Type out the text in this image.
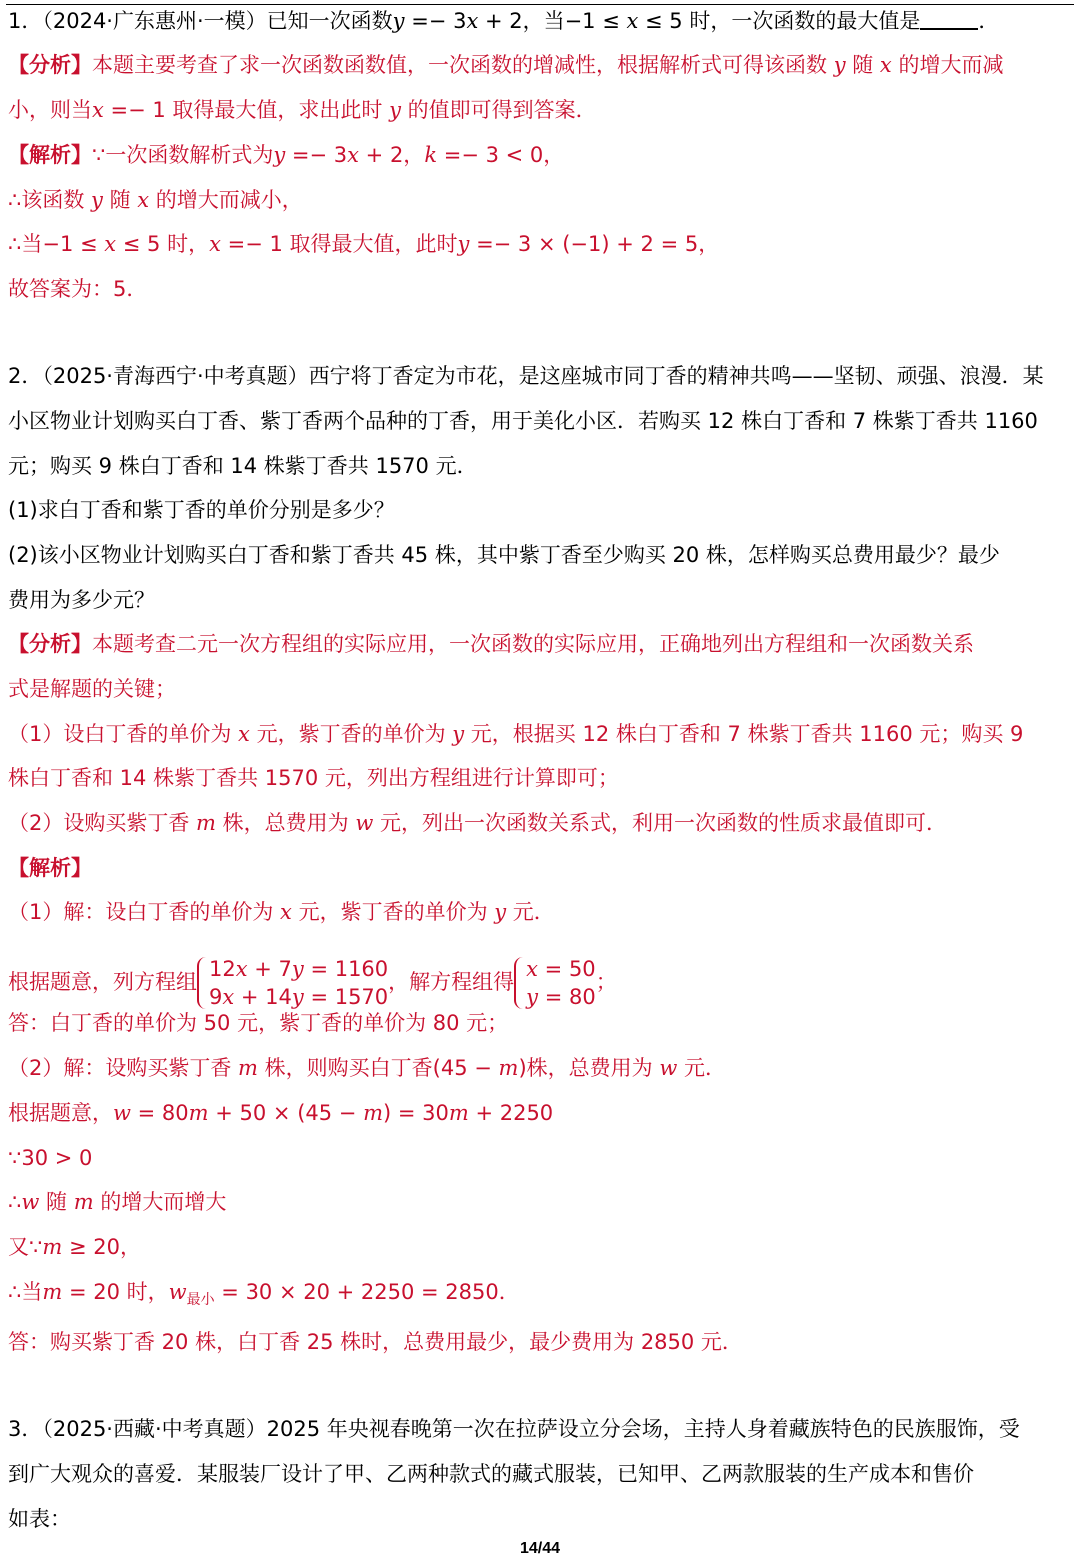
1．（2024·广东惠州·一模）已知一次函数y =− 3x + 2，当−1 ≤ x ≤ 5 时，一次函数的最大值是	．
【分析】本题主要考查了求一次函数函数值，一次函数的增减性，根据解析式可得该函数 y 随 x 的增大而减
小，则当x =− 1 取得最大值，求出此时 y 的值即可得到答案．
【解析】∵一次函数解析式为y =− 3x + 2，k =− 3 < 0，
∴该函数 y 随 x 的增大而减小，
∴当−1 ≤ x ≤ 5 时，x =− 1 取得最大值，此时y =− 3 × (−1) + 2 = 5，
故答案为：5．
2．（2025·青海西宁·中考真题）西宁将丁香定为市花，是这座城市同丁香的精神共鸣——坚韧、顽强、浪漫．某
小区物业计划购买白丁香、紫丁香两个品种的丁香，用于美化小区．若购买 12 株白丁香和 7 株紫丁香共 1160
元；购买 9 株白丁香和 14 株紫丁香共 1570 元．
(1)求白丁香和紫丁香的单价分别是多少？
(2)该小区物业计划购买白丁香和紫丁香共 45 株，其中紫丁香至少购买 20 株，怎样购买总费用最少？最少
费用为多少元？
【分析】本题考查二元一次方程组的实际应用，一次函数的实际应用，正确地列出方程组和一次函数关系
式是解题的关键；
（1）设白丁香的单价为 x 元，紫丁香的单价为 y 元，根据买 12 株白丁香和 7 株紫丁香共 1160 元；购买 9
株白丁香和 14 株紫丁香共 1570 元，列出方程组进行计算即可；
（2）设购买紫丁香 m 株，总费用为 w 元，列出一次函数关系式，利用一次函数的性质求最值即可．
【解析】
（1）解：设白丁香的单价为 x 元，紫丁香的单价为 y 元．
根据题意，列方程组
12x + 7y = 1160
9x + 14y = 1570
，解方程组得
x = 50
y = 80
；
答：白丁香的单价为 50 元，紫丁香的单价为 80 元；
（2）解：设购买紫丁香 m 株，则购买白丁香(45 − m)株，总费用为 w 元．
根据题意，w = 80m + 50 × (45 − m) = 30m + 2250
∵30 > 0
∴w 随 m 的增大而增大
又∵m ≥ 20，
∴当m = 20 时，$w_{最小} = 30 \times 20 + 2250 = 2850$．
答：购买紫丁香 20 株，白丁香 25 株时，总费用最少，最少费用为 2850 元．
3．（2025·西藏·中考真题）2025 年央视春晚第一次在拉萨设立分会场，主持人身着藏族特色的民族服饰，受
到广大观众的喜爱．某服装厂设计了甲、乙两种款式的藏式服装，已知甲、乙两款服装的生产成本和售价
如表：
14/44
